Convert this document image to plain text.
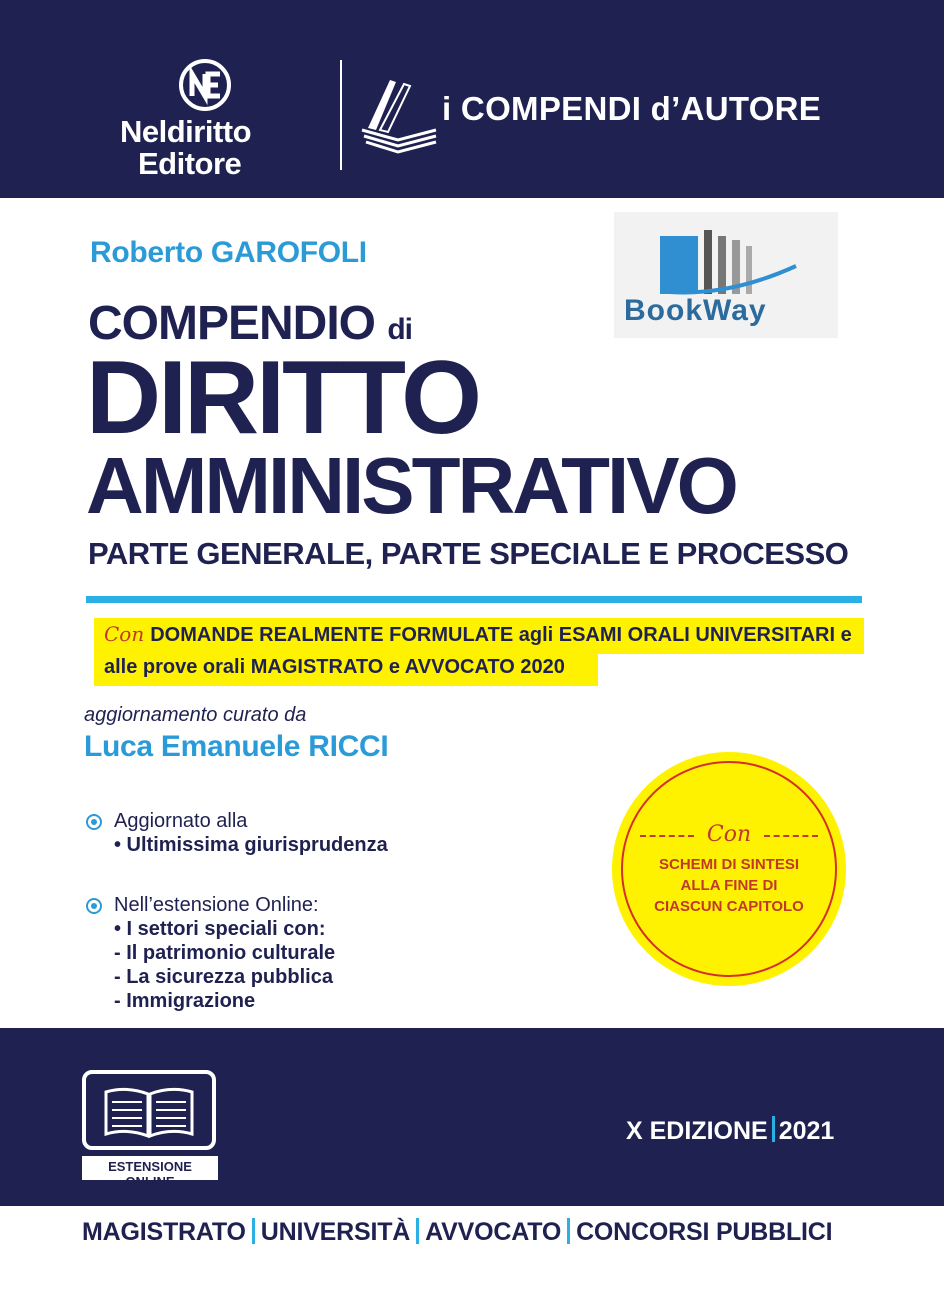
Neldiritto
Editore
i COMPENDI d’AUTORE
Roberto GAROFOLI
BookWay
COMPENDIO di
DIRITTO
AMMINISTRATIVO
PARTE GENERALE, PARTE SPECIALE E PROCESSO
Con DOMANDE REALMENTE FORMULATE agli ESAMI ORALI UNIVERSITARI e
alle prove orali MAGISTRATO e AVVOCATO 2020
aggiornamento curato da
Luca Emanuele RICCI
Aggiornato alla
• Ultimissima giurisprudenza
Nell’estensione Online:
• I settori speciali con:
- Il patrimonio culturale
- La sicurezza pubblica
- Immigrazione
Con
SCHEMI DI SINTESI
ALLA FINE DI
CIASCUN CAPITOLO
ESTENSIONE ONLINE
X EDIZIONE 2021
MAGISTRATO UNIVERSITÀ AVVOCATO CONCORSI PUBBLICI
